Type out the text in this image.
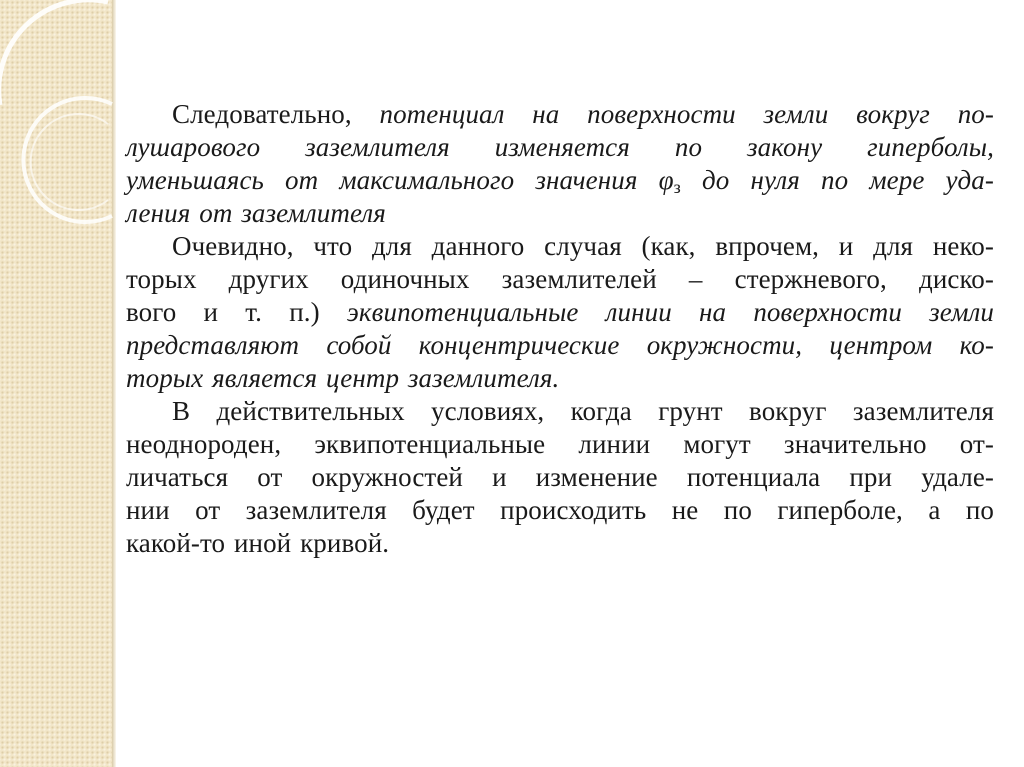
Следовательно, потенциал на поверхности земли вокруг по-
лушарового заземлителя изменяется по закону гиперболы,
уменьшаясь от максимального значения $\varphi_з$ до нуля по мере уда-
ления от заземлителя
Очевидно, что для данного случая (как, впрочем, и для неко-
торых других одиночных заземлителей – стержневого, диско-
вого и т. п.) эквипотенциальные линии на поверхности земли
представляют собой концентрические окружности, центром ко-
торых является центр заземлителя.
В действительных условиях, когда грунт вокруг заземлителя
неоднороден, эквипотенциальные линии могут значительно от-
личаться от окружностей и изменение потенциала при удале-
нии от заземлителя будет происходить не по гиперболе, а по
какой-то иной кривой.
